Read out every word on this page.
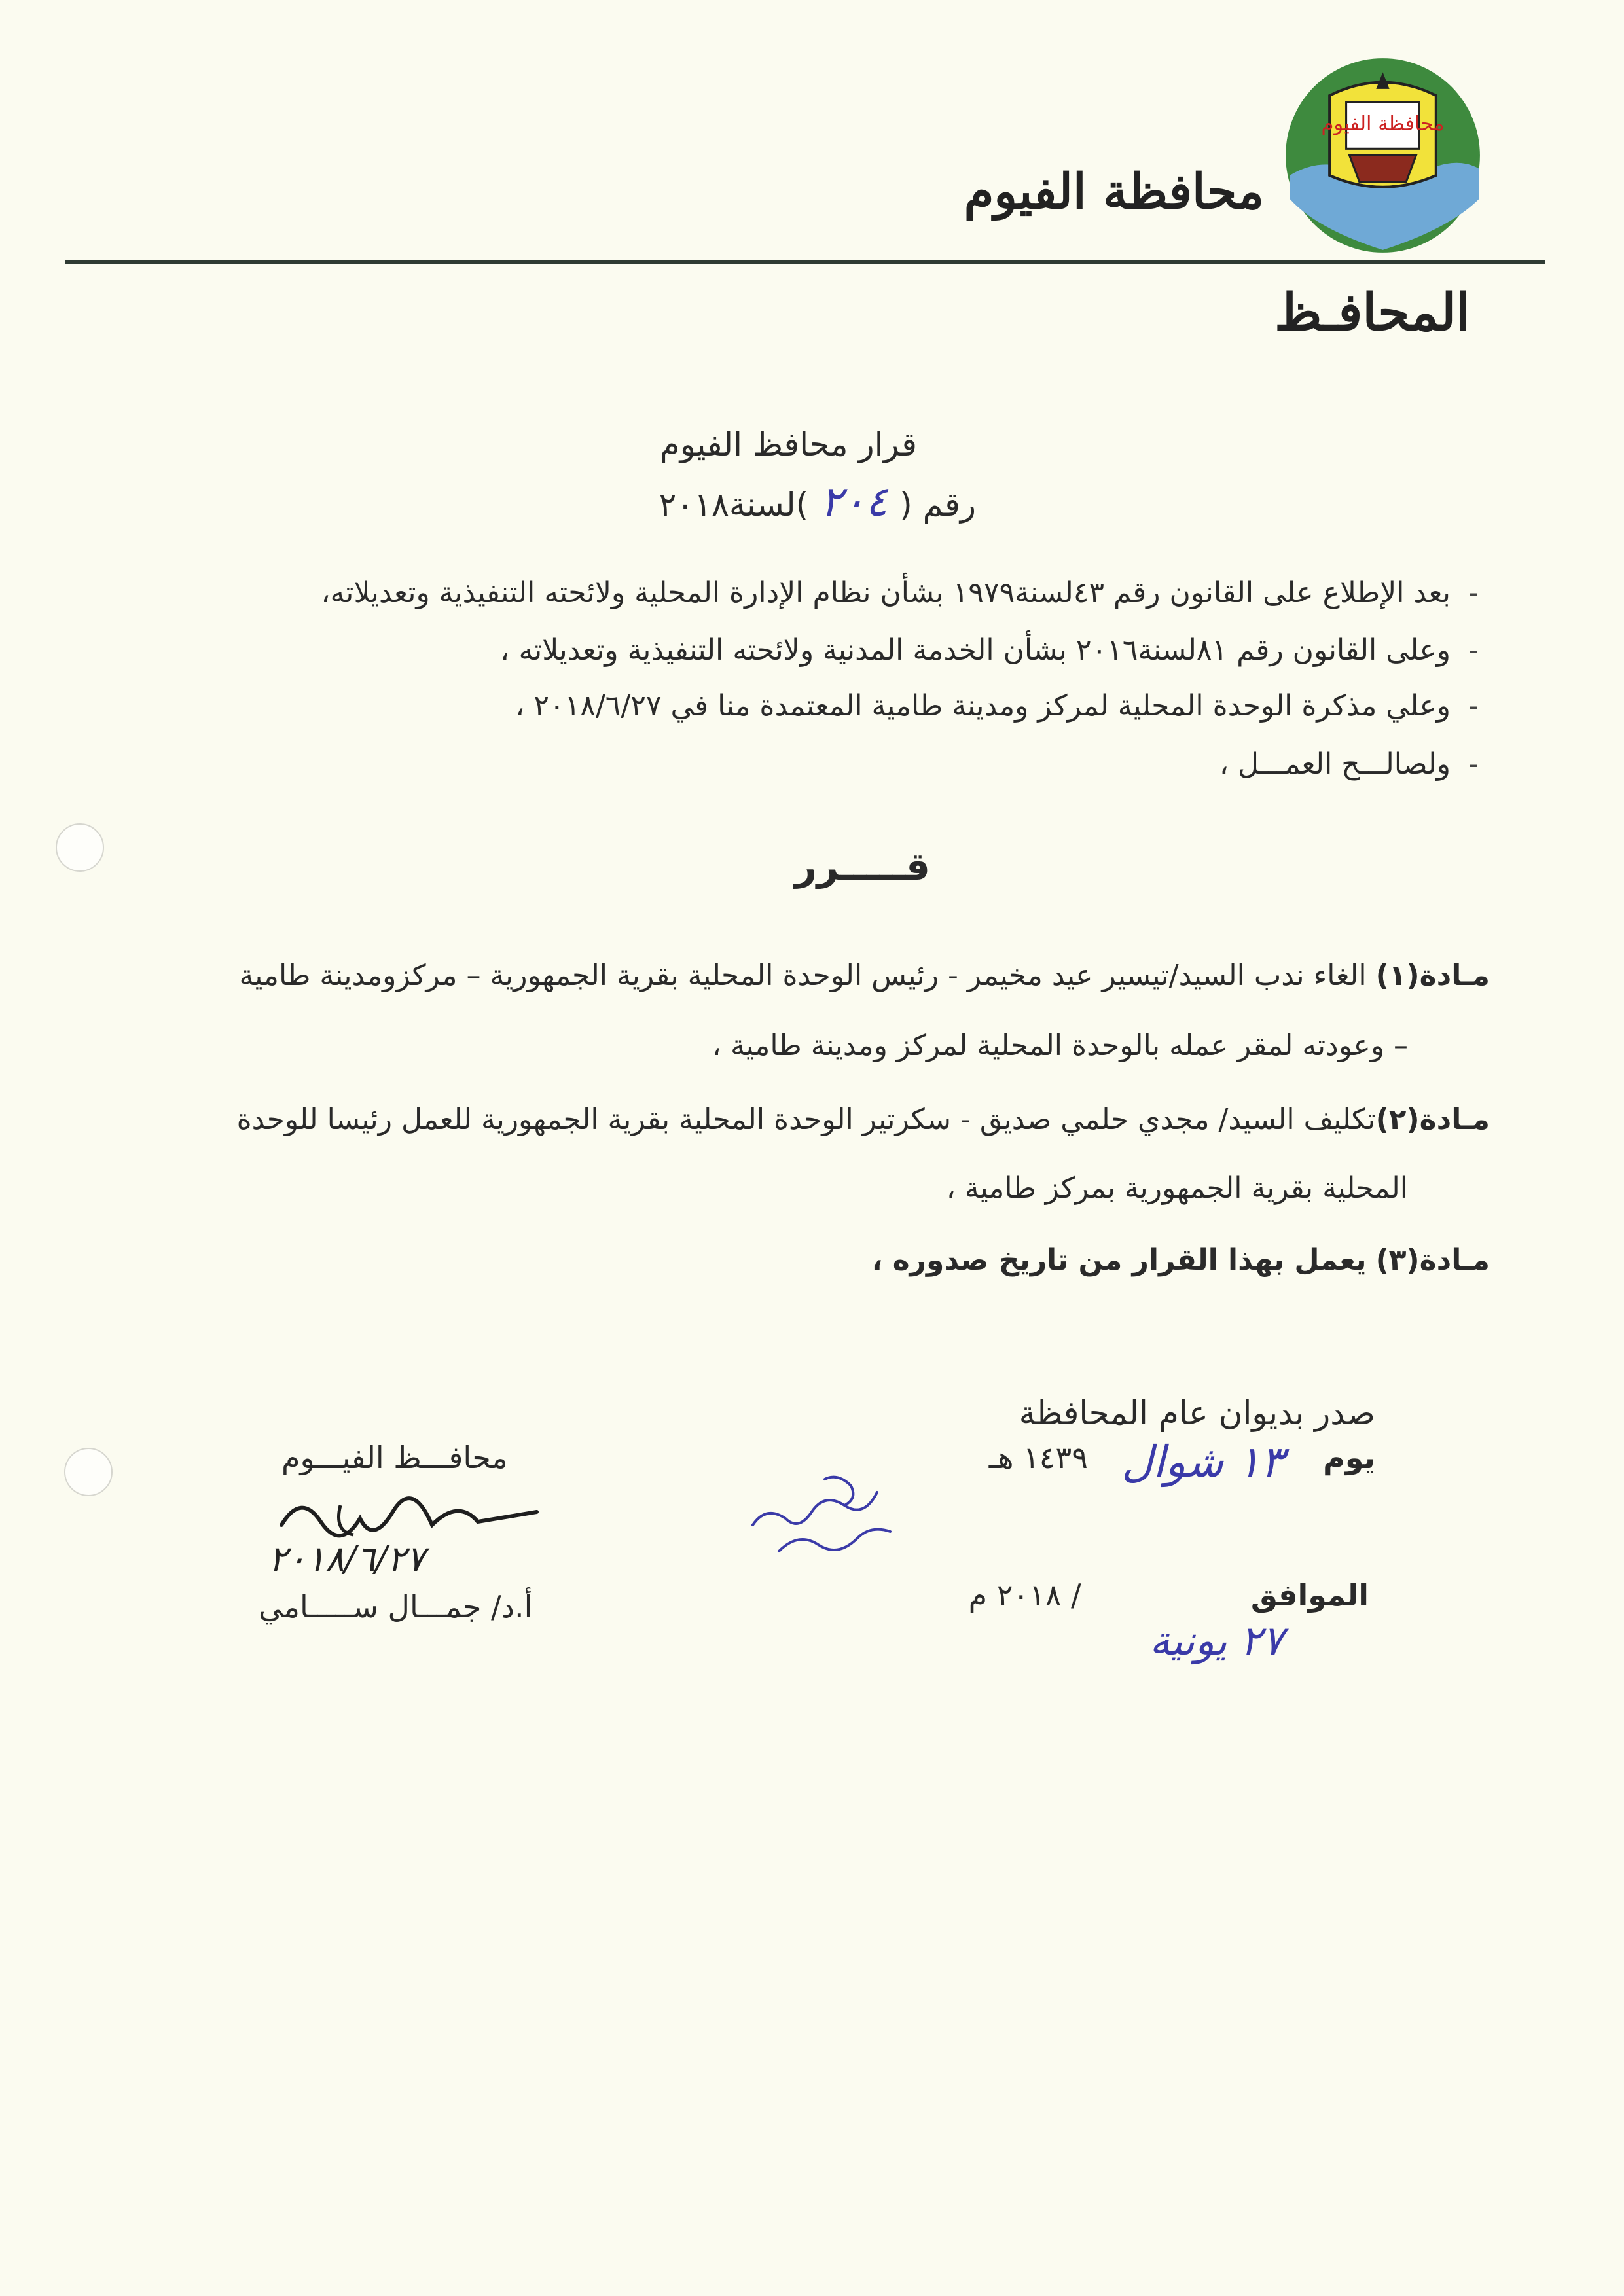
محافظة الفيوم
محافظة الفيوم
المحافـظ
قرار محافظ الفيوم
رقم (٢٠٤)لسنة٢٠١٨
-بعد الإطلاع على القانون رقم ٤٣لسنة١٩٧٩ بشأن نظام الإدارة المحلية ولائحته التنفيذية وتعديلاته،
-وعلى القانون رقم ٨١لسنة٢٠١٦ بشأن الخدمة المدنية ولائحته التنفيذية وتعديلاته ،
-وعلي مذكرة الوحدة المحلية لمركز ومدينة طامية المعتمدة منا في ٢٠١٨/٦/٢٧ ،
-ولصالـــح العمـــل ،
قـــــرر
مـادة(١) الغاء ندب السيد/تيسير عيد مخيمر - رئيس الوحدة المحلية بقرية الجمهورية – مركزومدينة طامية
– وعودته لمقر عمله بالوحدة المحلية لمركز ومدينة طامية ،
مـادة(٢)تكليف السيد/ مجدي حلمي صديق - سكرتير الوحدة المحلية بقرية الجمهورية للعمل رئيسا للوحدة
المحلية بقرية الجمهورية بمركز طامية ،
مـادة(٣) يعمل بهذا القرار من تاريخ صدوره ،
صدر بديوان عام المحافظة
يوم  ١٤٣٩ هـ ١٣ شوال
الموافق  / ٢٠١٨ م
٢٧ يونية
محافـــظ الفيـــوم
٢٠١٨/٦/٢٧
أ.د/ جمـــال ســـــامي
